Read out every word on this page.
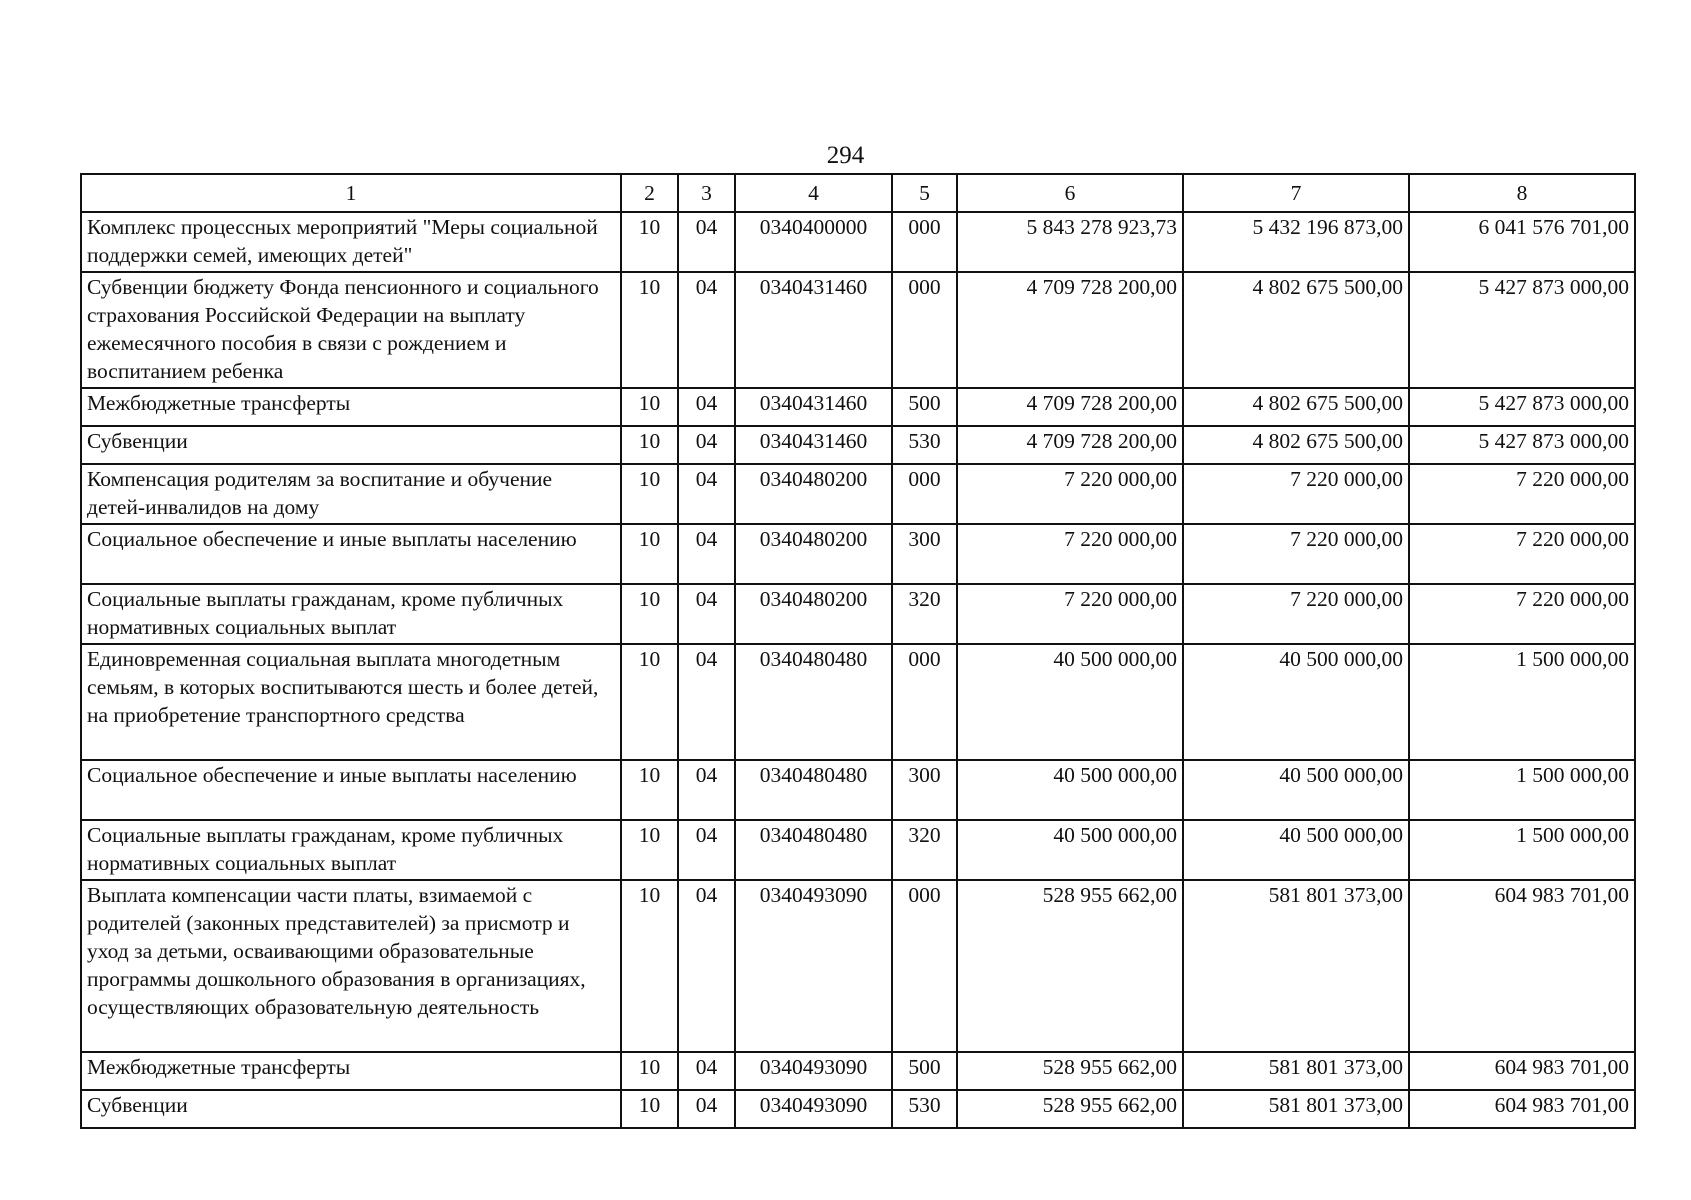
294
1	2	3	4	5	6	7	8
Комплекс процессных мероприятий "Меры социальной поддержки семей, имеющих детей"	10	04	0340400000	000	5 843 278 923,73	5 432 196 873,00	6 041 576 701,00
Субвенции бюджету Фонда пенсионного и социального страхования Российской Федерации на выплату ежемесячного пособия в связи с рождением и воспитанием ребенка	10	04	0340431460	000	4 709 728 200,00	4 802 675 500,00	5 427 873 000,00
Межбюджетные трансферты	10	04	0340431460	500	4 709 728 200,00	4 802 675 500,00	5 427 873 000,00
Субвенции	10	04	0340431460	530	4 709 728 200,00	4 802 675 500,00	5 427 873 000,00
Компенсация родителям за воспитание и обучение детей-инвалидов на дому	10	04	0340480200	000	7 220 000,00	7 220 000,00	7 220 000,00
Социальное обеспечение и иные выплаты населению	10	04	0340480200	300	7 220 000,00	7 220 000,00	7 220 000,00
Социальные выплаты гражданам, кроме публичных нормативных социальных выплат	10	04	0340480200	320	7 220 000,00	7 220 000,00	7 220 000,00
Единовременная социальная выплата многодетным семьям, в которых воспитываются шесть и более детей, на приобретение транспортного средства	10	04	0340480480	000	40 500 000,00	40 500 000,00	1 500 000,00
Социальное обеспечение и иные выплаты населению	10	04	0340480480	300	40 500 000,00	40 500 000,00	1 500 000,00
Социальные выплаты гражданам, кроме публичных нормативных социальных выплат	10	04	0340480480	320	40 500 000,00	40 500 000,00	1 500 000,00
Выплата компенсации части платы, взимаемой с родителей (законных представителей) за присмотр и уход за детьми, осваивающими образовательные программы дошкольного образования в организациях, осуществляющих образовательную деятельность	10	04	0340493090	000	528 955 662,00	581 801 373,00	604 983 701,00
Межбюджетные трансферты	10	04	0340493090	500	528 955 662,00	581 801 373,00	604 983 701,00
Субвенции	10	04	0340493090	530	528 955 662,00	581 801 373,00	604 983 701,00
